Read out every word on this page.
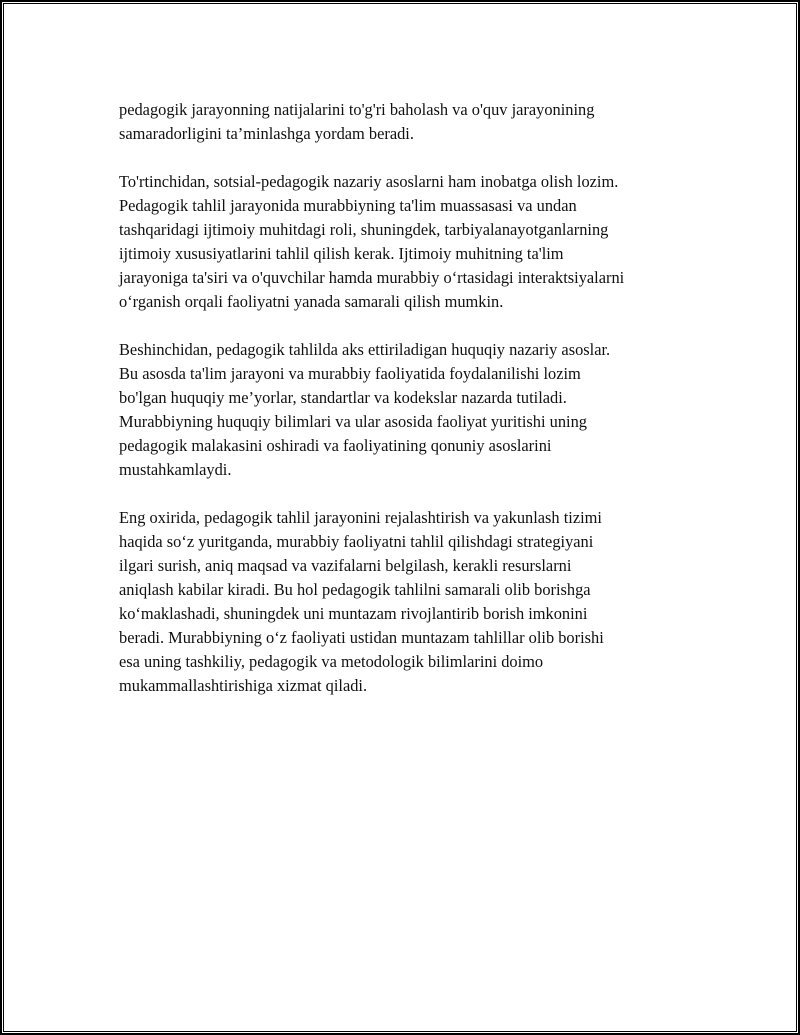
pedagogik jarayonning natijalarini to'g'ri baholash va o'quv jarayonining
samaradorligini ta’minlashga yordam beradi.

To'rtinchidan, sotsial-pedagogik nazariy asoslarni ham inobatga olish lozim.
Pedagogik tahlil jarayonida murabbiyning ta'lim muassasasi va undan
tashqaridagi ijtimoiy muhitdagi roli, shuningdek, tarbiyalanayotganlarning
ijtimoiy xususiyatlarini tahlil qilish kerak. Ijtimoiy muhitning ta'lim
jarayoniga ta'siri va o'quvchilar hamda murabbiy o‘rtasidagi interaktsiyalarni
o‘rganish orqali faoliyatni yanada samarali qilish mumkin.

Beshinchidan, pedagogik tahlilda aks ettiriladigan huquqiy nazariy asoslar.
Bu asosda ta'lim jarayoni va murabbiy faoliyatida foydalanilishi lozim
bo'lgan huquqiy me’yorlar, standartlar va kodekslar nazarda tutiladi.
Murabbiyning huquqiy bilimlari va ular asosida faoliyat yuritishi uning
pedagogik malakasini oshiradi va faoliyatining qonuniy asoslarini
mustahkamlaydi.

Eng oxirida, pedagogik tahlil jarayonini rejalashtirish va yakunlash tizimi
haqida so‘z yuritganda, murabbiy faoliyatni tahlil qilishdagi strategiyani
ilgari surish, aniq maqsad va vazifalarni belgilash, kerakli resurslarni
aniqlash kabilar kiradi. Bu hol pedagogik tahlilni samarali olib borishga
ko‘maklashadi, shuningdek uni muntazam rivojlantirib borish imkonini
beradi. Murabbiyning o‘z faoliyati ustidan muntazam tahlillar olib borishi
esa uning tashkiliy, pedagogik va metodologik bilimlarini doimo
mukammallashtirishiga xizmat qiladi.
